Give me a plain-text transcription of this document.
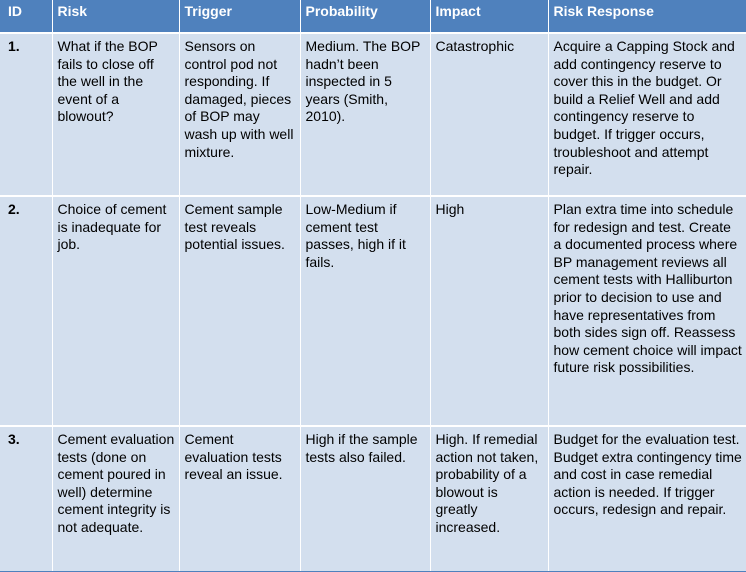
ID	Risk	Trigger	Probability	Impact	Risk Response
1.	What if the BOP fails to close off the well in the event of a blowout?	Sensors on control pod not responding. If damaged, pieces of BOP may wash up with well mixture.	Medium. The BOP hadn’t been inspected in 5 years (Smith, 2010).	Catastrophic	Acquire a Capping Stock and add contingency reserve to cover this in the budget. Or build a Relief Well and add contingency reserve to budget. If trigger occurs, troubleshoot and attempt repair.
2.	Choice of cement is inadequate for job.	Cement sample test reveals potential issues.	Low-Medium if cement test passes, high if it fails.	High	Plan extra time into schedule for redesign and test. Create a documented process where BP management reviews all cement tests with Halliburton prior to decision to use and have representatives from both sides sign off. Reassess how cement choice will impact future risk possibilities.
3.	Cement evaluation tests (done on cement poured in well) determine cement integrity is not adequate.	Cement evaluation tests reveal an issue.	High if the sample tests also failed.	High. If remedial action not taken, probability of a blowout is greatly increased.	Budget for the evaluation test. Budget extra contingency time and cost in case remedial action is needed. If trigger occurs, redesign and repair.
